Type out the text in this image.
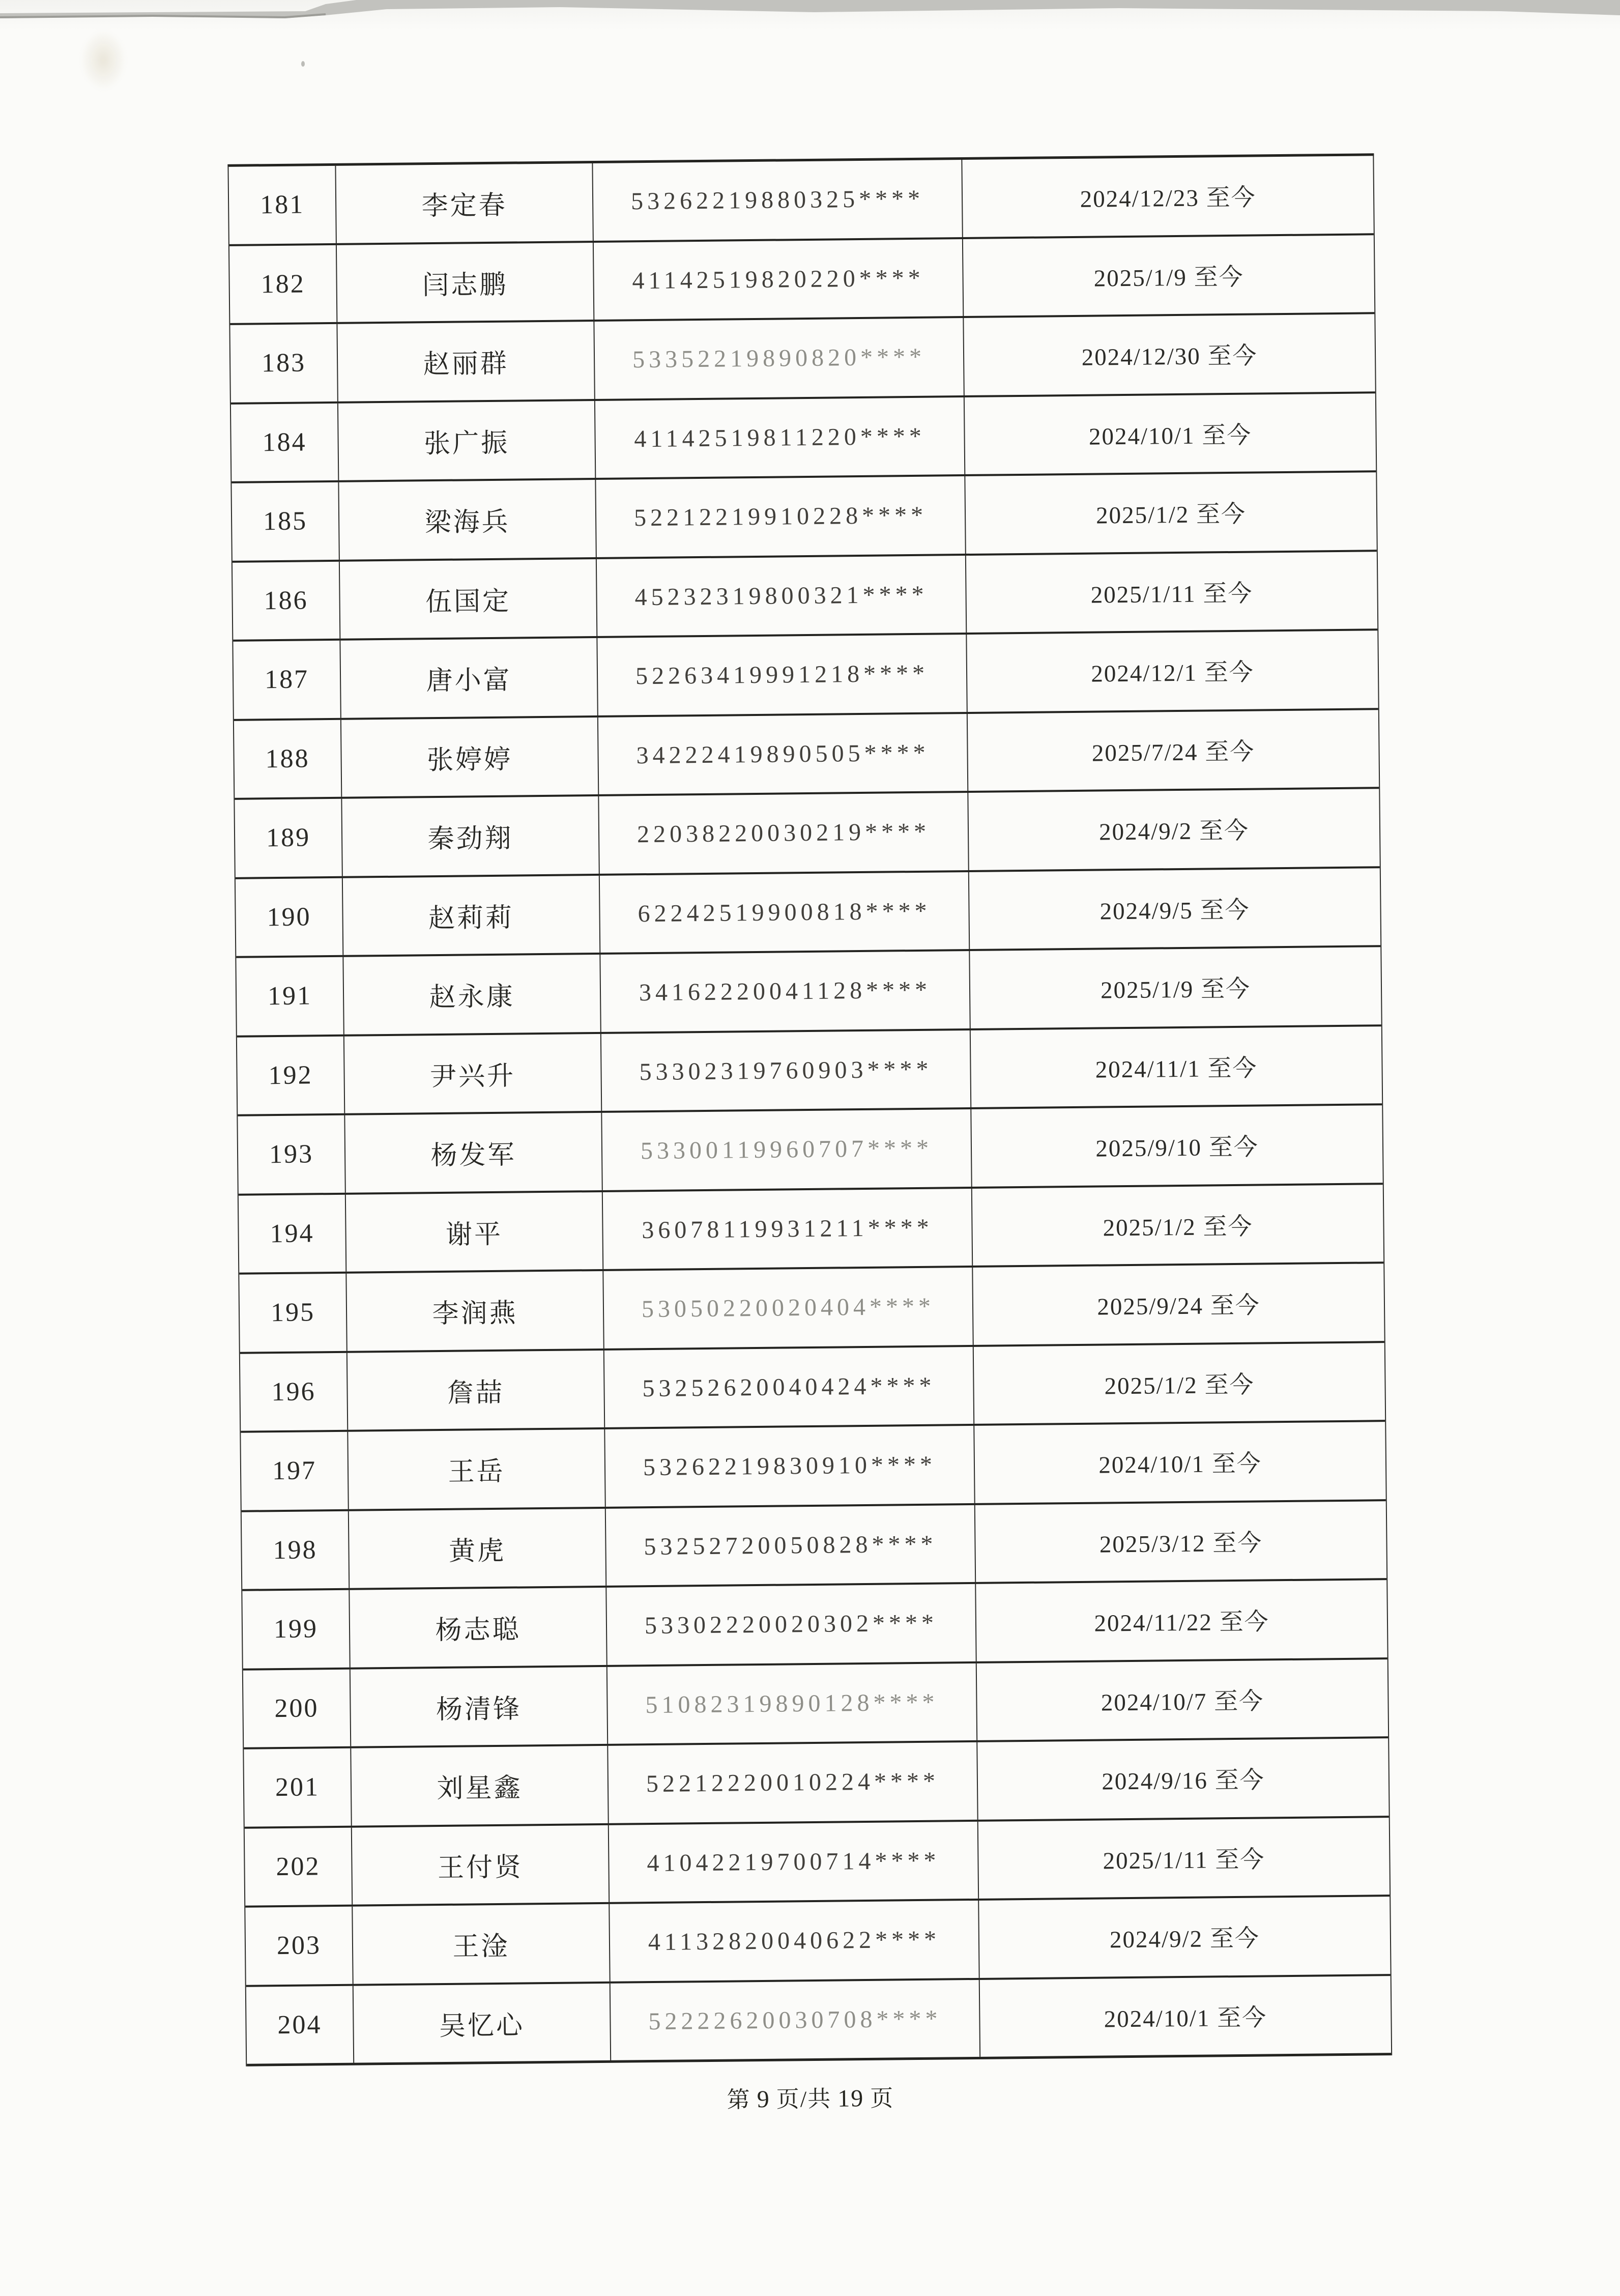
181	李定春	53262219880325****	2024/12/23 至今
182	闫志鹏	41142519820220****	2025/1/9 至今
183	赵丽群	53352219890820****	2024/12/30 至今
184	张广振	41142519811220****	2024/10/1 至今
185	梁海兵	52212219910228****	2025/1/2 至今
186	伍国定	45232319800321****	2025/1/11 至今
187	唐小富	52263419991218****	2024/12/1 至今
188	张婷婷	34222419890505****	2025/7/24 至今
189	秦劲翔	22038220030219****	2024/9/2 至今
190	赵莉莉	62242519900818****	2024/9/5 至今
191	赵永康	34162220041128****	2025/1/9 至今
192	尹兴升	53302319760903****	2024/11/1 至今
193	杨发军	53300119960707****	2025/9/10 至今
194	谢平	36078119931211****	2025/1/2 至今
195	李润燕	53050220020404****	2025/9/24 至今
196	詹喆	53252620040424****	2025/1/2 至今
197	王岳	53262219830910****	2024/10/1 至今
198	黄虎	53252720050828****	2025/3/12 至今
199	杨志聪	53302220020302****	2024/11/22 至今
200	杨清锋	51082319890128****	2024/10/7 至今
201	刘星鑫	52212220010224****	2024/9/16 至今
202	王付贤	41042219700714****	2025/1/11 至今
203	王淦	41132820040622****	2024/9/2 至今
204	吴忆心	52222620030708****	2024/10/1 至今
第 9 页/共 19 页
